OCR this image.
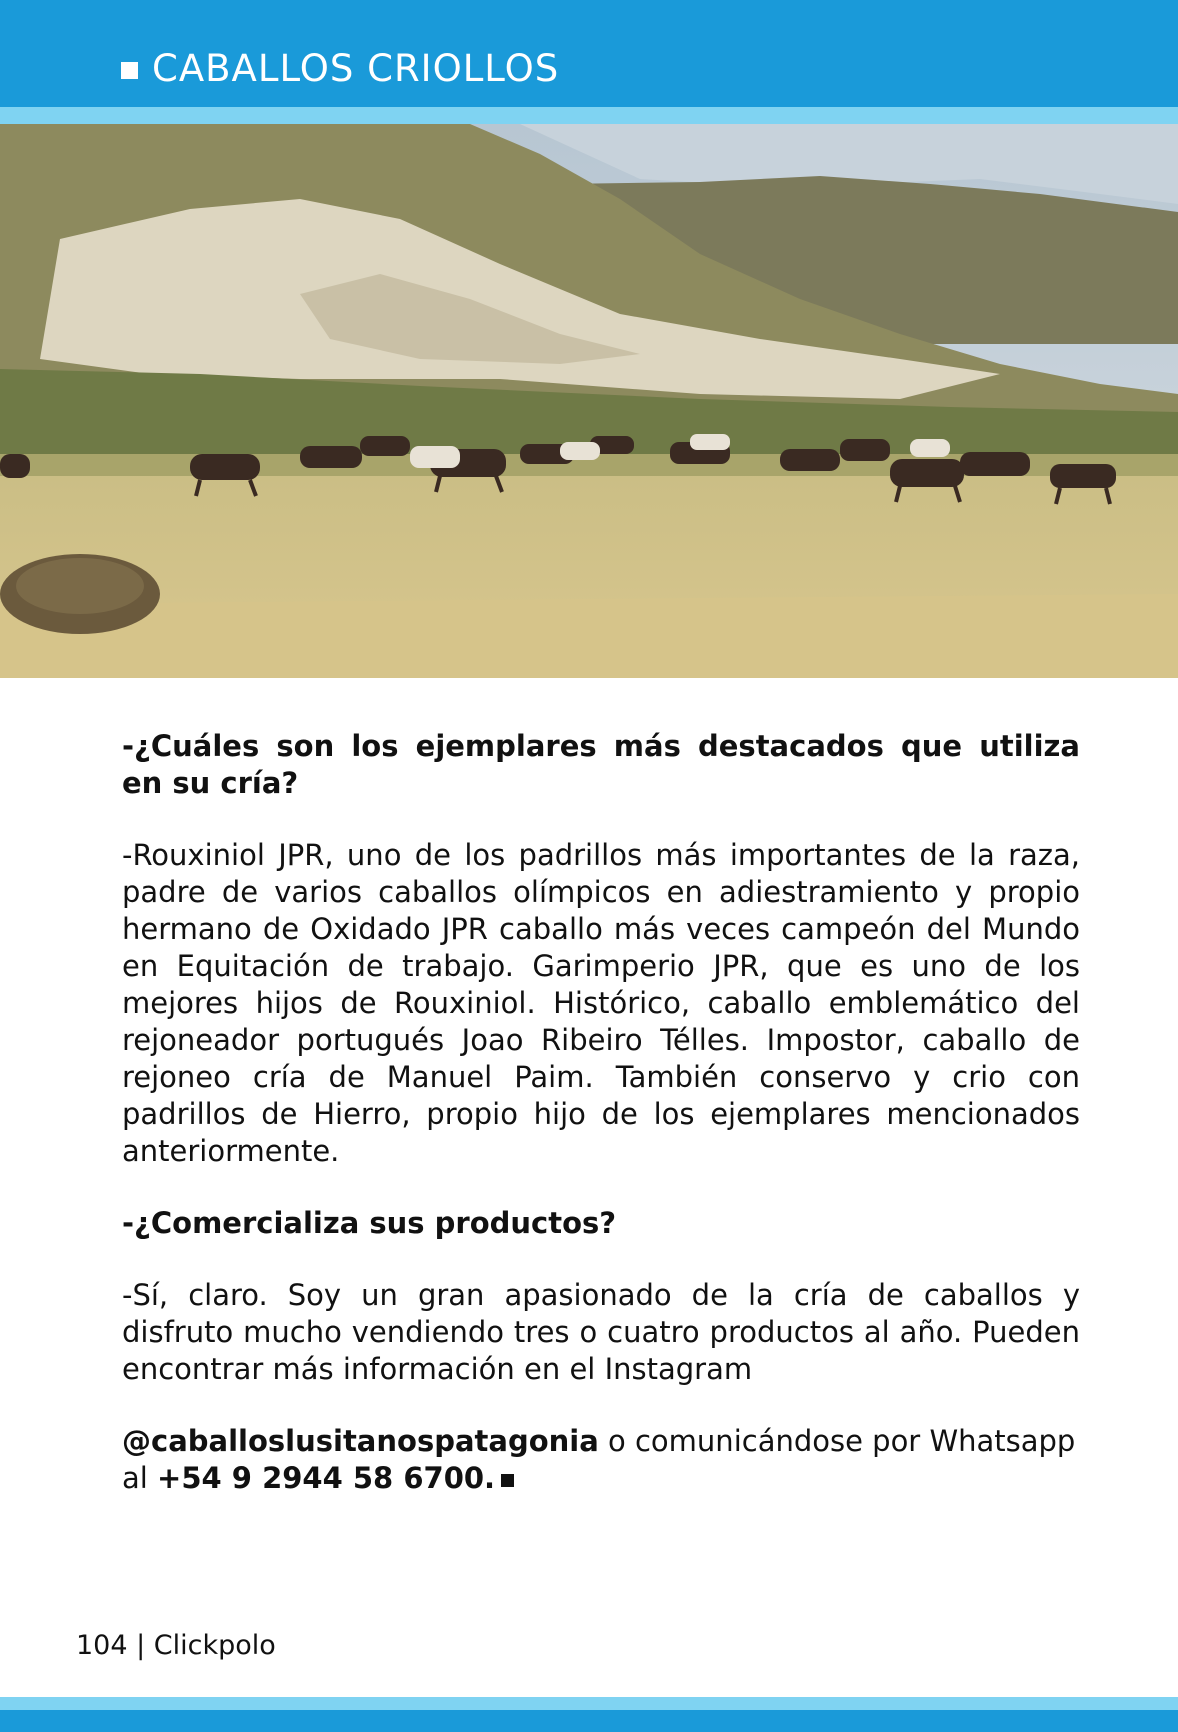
CABALLOS CRIOLLOS

-¿Cuáles son los ejemplares más destacados que utiliza en su cría?

-Rouxiniol JPR, uno de los padrillos más importantes de la raza, padre de varios caballos olímpicos en adiestramiento y propio hermano de Oxidado JPR caballo más veces campeón del Mundo en Equitación de trabajo. Garimperio JPR, que es uno de los mejores hijos de Rouxiniol. Histórico, caballo emblemático del rejoneador portugués Joao Ribeiro Télles. Impostor, caballo de rejoneo cría de Manuel Paim. También conservo y crio con padrillos de Hierro, propio hijo de los ejemplares mencionados anteriormente.

-¿Comercializa sus productos?

-Sí, claro. Soy un gran apasionado de la cría de caballos y disfruto mucho vendiendo tres o cuatro productos al año. Pueden encontrar más información en el Instagram

@caballoslusitanospatagonia o comunicándose por Whatsapp al +54 9 2944 58 6700.

104 | Clickpolo
